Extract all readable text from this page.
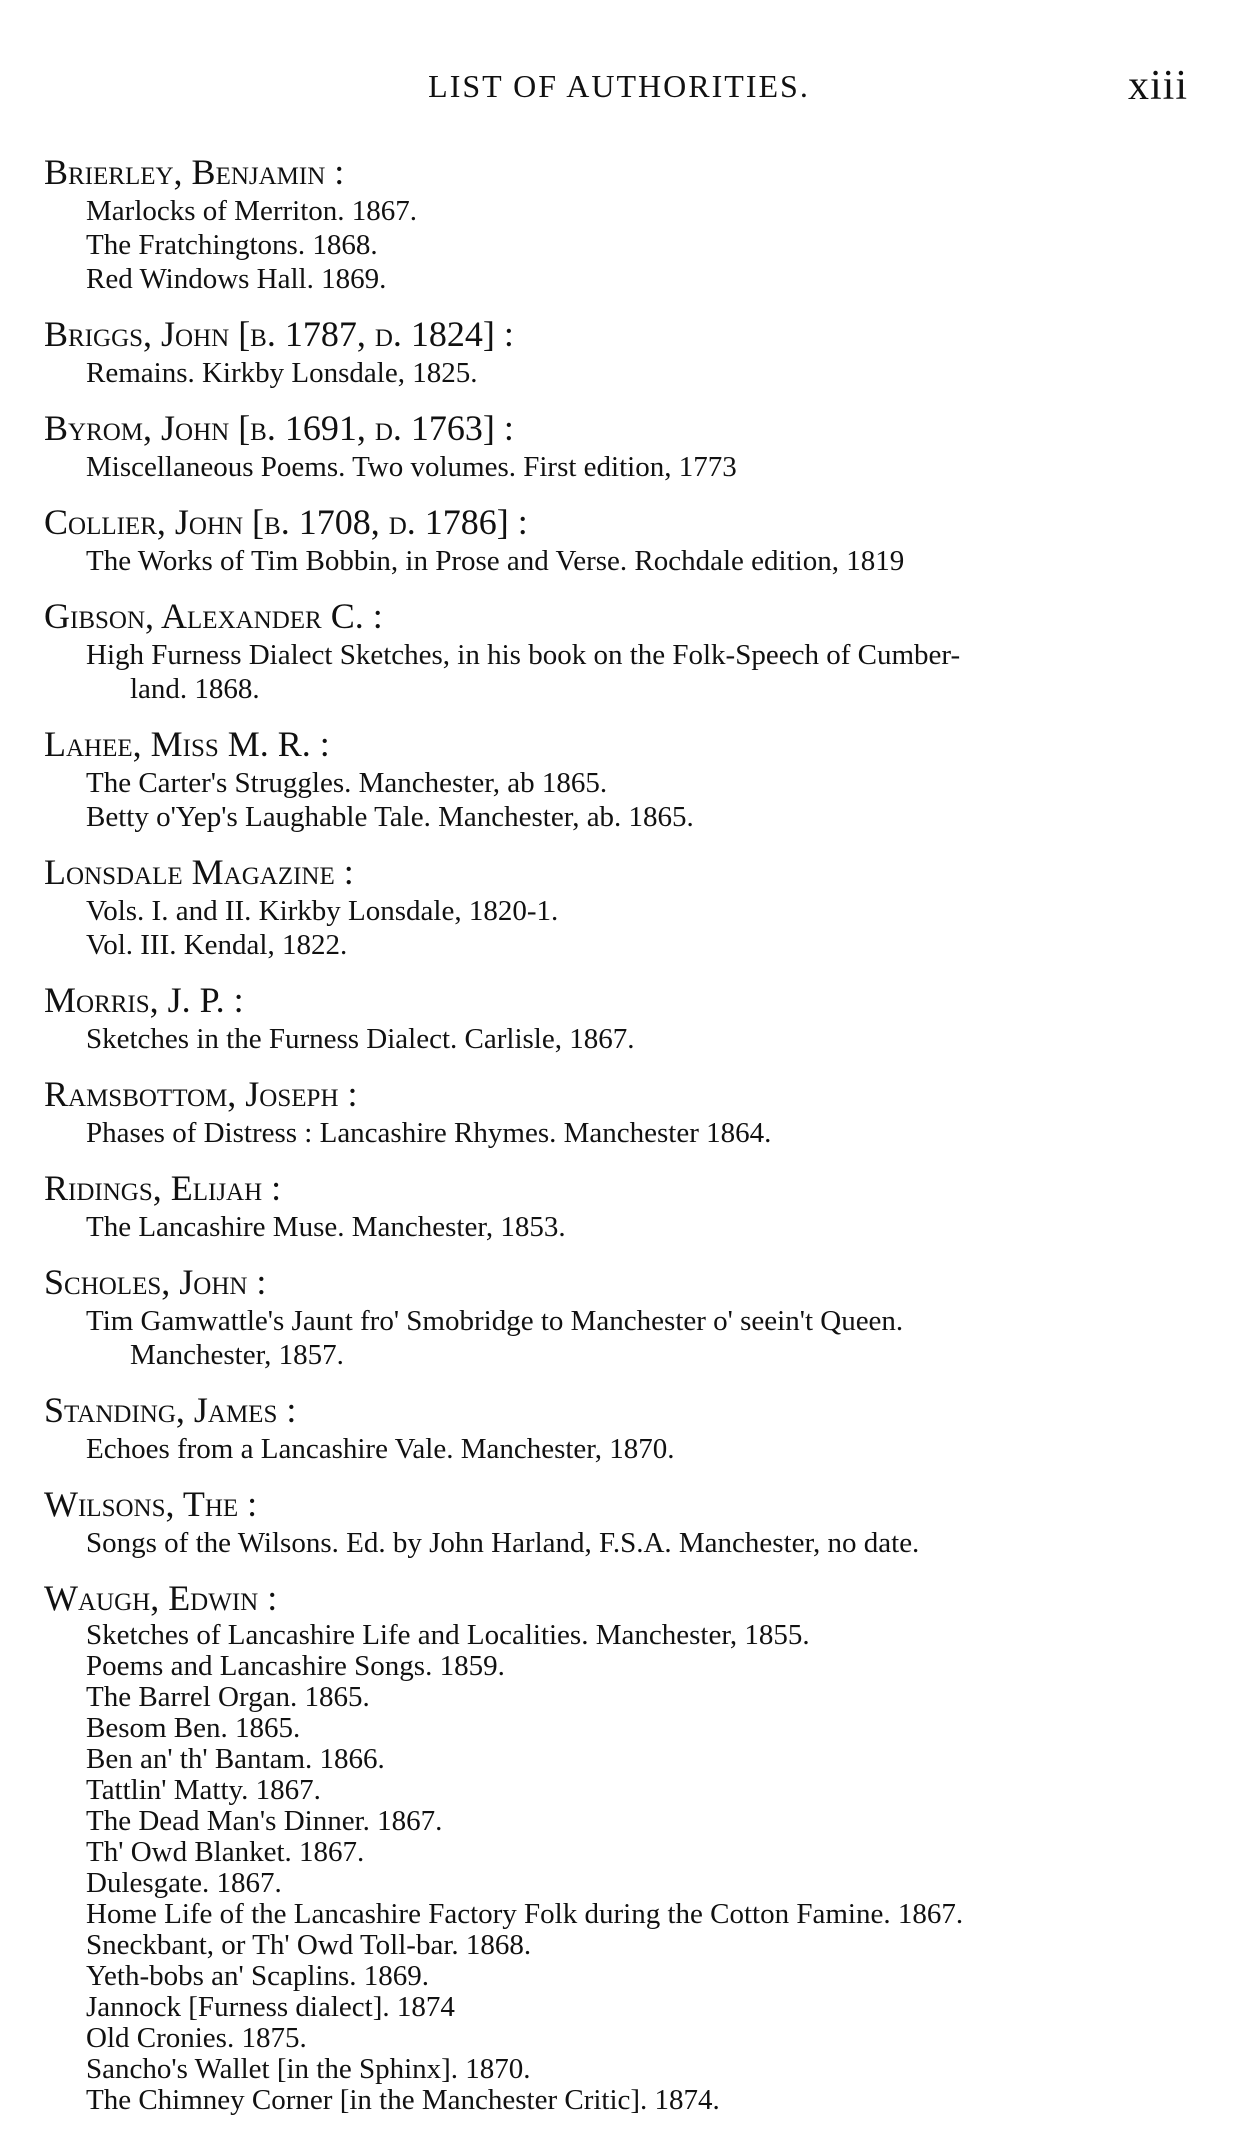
LIST OF AUTHORITIES.	xiii
Brierley, Benjamin :
Marlocks of Merriton. 1867.
The Fratchingtons. 1868.
Red Windows Hall. 1869.
Briggs, John [b. 1787, d. 1824] :
Remains. Kirkby Lonsdale, 1825.
Byrom, John [b. 1691, d. 1763] :
Miscellaneous Poems. Two volumes. First edition, 1773
Collier, John [b. 1708, d. 1786] :
The Works of Tim Bobbin, in Prose and Verse. Rochdale edition, 1819
Gibson, Alexander C. :
High Furness Dialect Sketches, in his book on the Folk-Speech of Cumber-
land. 1868.
Lahee, Miss M. R. :
The Carter's Struggles. Manchester, ab 1865.
Betty o'Yep's Laughable Tale. Manchester, ab. 1865.
Lonsdale Magazine :
Vols. I. and II. Kirkby Lonsdale, 1820-1.
Vol. III. Kendal, 1822.
Morris, J. P. :
Sketches in the Furness Dialect. Carlisle, 1867.
Ramsbottom, Joseph :
Phases of Distress : Lancashire Rhymes. Manchester 1864.
Ridings, Elijah :
The Lancashire Muse. Manchester, 1853.
Scholes, John :
Tim Gamwattle's Jaunt fro' Smobridge to Manchester o' seein't Queen.
Manchester, 1857.
Standing, James :
Echoes from a Lancashire Vale. Manchester, 1870.
Wilsons, The :
Songs of the Wilsons. Ed. by John Harland, F.S.A. Manchester, no date.
Waugh, Edwin :
Sketches of Lancashire Life and Localities. Manchester, 1855.
Poems and Lancashire Songs. 1859.
The Barrel Organ. 1865.
Besom Ben. 1865.
Ben an' th' Bantam. 1866.
Tattlin' Matty. 1867.
The Dead Man's Dinner. 1867.
Th' Owd Blanket. 1867.
Dulesgate. 1867.
Home Life of the Lancashire Factory Folk during the Cotton Famine. 1867.
Sneckbant, or Th' Owd Toll-bar. 1868.
Yeth-bobs an' Scaplins. 1869.
Jannock [Furness dialect]. 1874
Old Cronies. 1875.
Sancho's Wallet [in the Sphinx]. 1870.
The Chimney Corner [in the Manchester Critic]. 1874.
